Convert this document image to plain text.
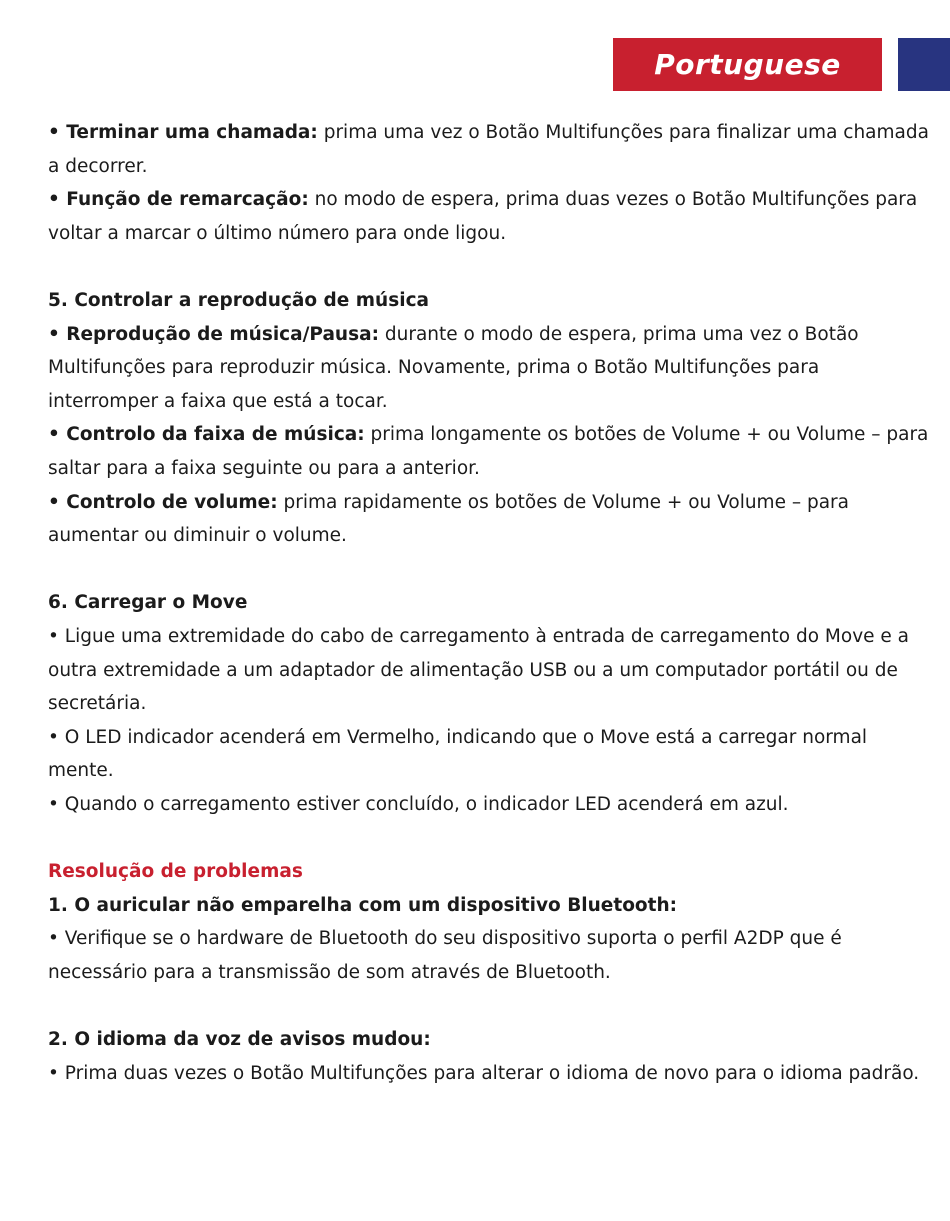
Portuguese

• Terminar uma chamada: prima uma vez o Botão Multifunções para finalizar uma chamada a decorrer.

• Função de remarcação: no modo de espera, prima duas vezes o Botão Multifunções para voltar a marcar o último número para onde ligou.

5. Controlar a reprodução de música

• Reprodução de música/Pausa: durante o modo de espera, prima uma vez o Botão Multifunções para reproduzir música. Novamente, prima o Botão Multifunções para interromper a faixa que está a tocar.

• Controlo da faixa de música: prima longamente os botões de Volume + ou Volume – para saltar para a faixa seguinte ou para a anterior.

• Controlo de volume: prima rapidamente os botões de Volume + ou Volume – para aumentar ou diminuir o volume.

6. Carregar o Move

• Ligue uma extremidade do cabo de carregamento à entrada de carregamento do Move e a outra extremidade a um adaptador de alimentação USB ou a um computador portátil ou de secretária.

• O LED indicador acenderá em Vermelho, indicando que o Move está a carregar normal mente.

• Quando o carregamento estiver concluído, o indicador LED acenderá em azul.

Resolução de problemas

1. O auricular não emparelha com um dispositivo Bluetooth:

• Verifique se o hardware de Bluetooth do seu dispositivo suporta o perfil A2DP que é necessário para a transmissão de som através de Bluetooth.

2. O idioma da voz de avisos mudou:

• Prima duas vezes o Botão Multifunções para alterar o idioma de novo para o idioma padrão.
